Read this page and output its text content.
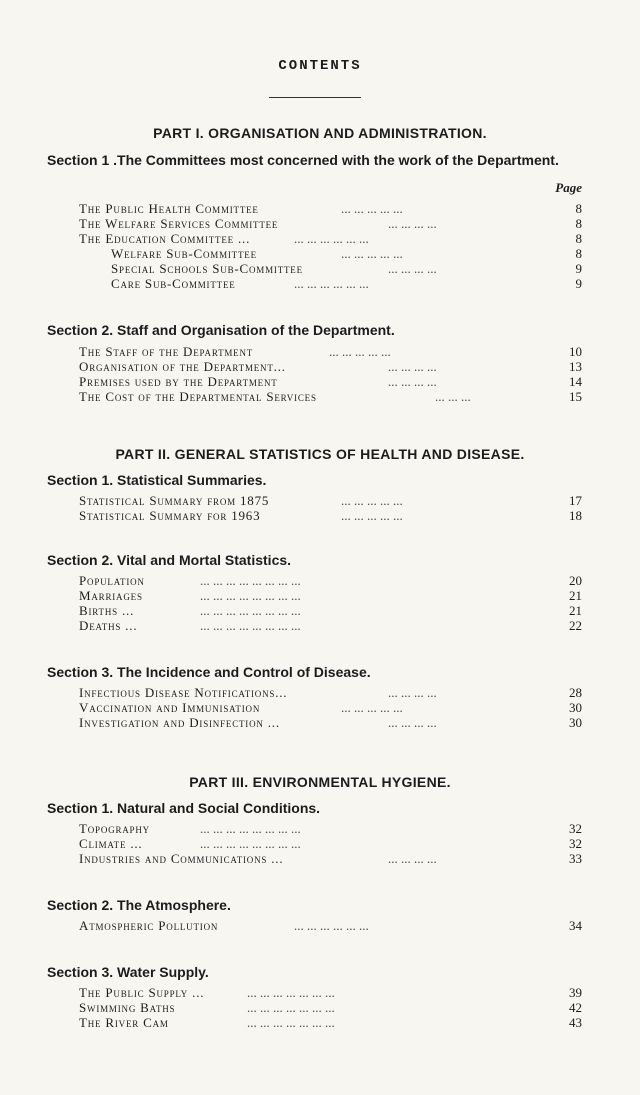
CONTENTS
PART I. ORGANISATION AND ADMINISTRATION.
Section 1 .The Committees most concerned with the work of the Department.
Page
The Public Health Committee	... ... ... ... ...	8
The Welfare Services Committee	... ... ... ...	8
The Education Committee ...	... ... ... ... ... ...	8
Welfare Sub-Committee	... ... ... ... ...	8
Special Schools Sub-Committee	... ... ... ...	9
Care Sub-Committee	... ... ... ... ... ...	9
Section 2. Staff and Organisation of the Department.
The Staff of the Department	... ... ... ... ...	10
Organisation of the Department...	... ... ... ...	13
Premises used by the Department	... ... ... ...	14
The Cost of the Departmental Services	... ... ...	15
PART II. GENERAL STATISTICS OF HEALTH AND DISEASE.
Section 1. Statistical Summaries.
Statistical Summary from 1875	... ... ... ... ...	17
Statistical Summary for 1963	... ... ... ... ...	18
Section 2. Vital and Mortal Statistics.
Population	... ... ... ... ... ... ... ...	20
Marriages	... ... ... ... ... ... ... ...	21
Births ...	... ... ... ... ... ... ... ...	21
Deaths ...	... ... ... ... ... ... ... ...	22
Section 3. The Incidence and Control of Disease.
Infectious Disease Notifications...	... ... ... ...	28
Vaccination and Immunisation	... ... ... ... ...	30
Investigation and Disinfection ...	... ... ... ...	30
PART III. ENVIRONMENTAL HYGIENE.
Section 1. Natural and Social Conditions.
Topography	... ... ... ... ... ... ... ...	32
Climate ...	... ... ... ... ... ... ... ...	32
Industries and Communications ...	... ... ... ...	33
Section 2. The Atmosphere.
Atmospheric Pollution	... ... ... ... ... ...	34
Section 3. Water Supply.
The Public Supply ...	... ... ... ... ... ... ...	39
Swimming Baths	... ... ... ... ... ... ...	42
The River Cam	... ... ... ... ... ... ...	43
